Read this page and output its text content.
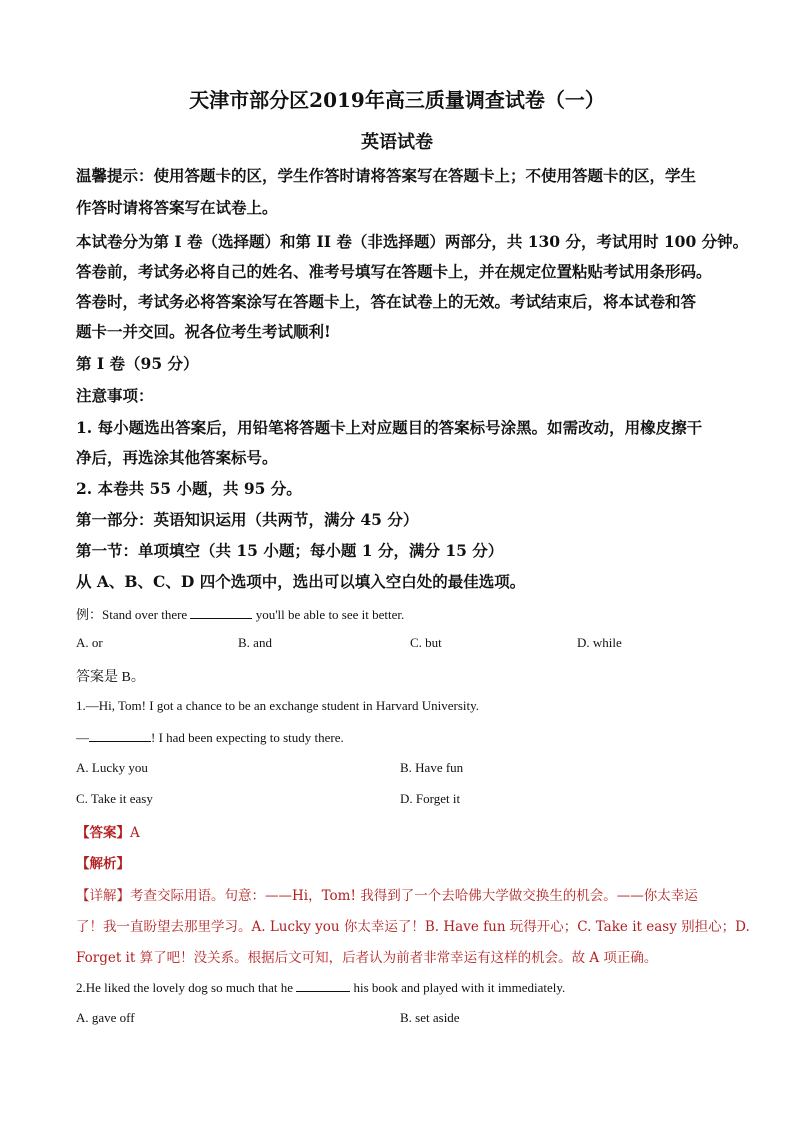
天津市部分区2019年高三质量调查试卷（一）
英语试卷
温馨提示：使用答题卡的区，学生作答时请将答案写在答题卡上；不使用答题卡的区，学生
作答时请将答案写在试卷上。
本试卷分为第 I 卷（选择题）和第 II 卷（非选择题）两部分，共 130 分，考试用时 100 分钟。
答卷前，考试务必将自己的姓名、准考号填写在答题卡上，并在规定位置粘贴考试用条形码。
答卷时，考试务必将答案涂写在答题卡上，答在试卷上的无效。考试结束后，将本试卷和答
题卡一并交回。祝各位考生考试顺利!
第 I 卷（95 分）
注意事项：
1. 每小题选出答案后，用铅笔将答题卡上对应题目的答案标号涂黑。如需改动，用橡皮擦干
净后，再选涂其他答案标号。
2. 本卷共 55 小题，共 95 分。
第一部分：英语知识运用（共两节，满分 45 分）
第一节：单项填空（共 15 小题；每小题 1 分，满分 15 分）
从 A、B、C、D 四个选项中，选出可以填入空白处的最佳选项。
例：Stand over there	you'll be able to see it better.
A. or	B. and	C. but	D. while
答案是 B。
1.—Hi, Tom! I got a chance to be an exchange student in Harvard University.
—	! I had been expecting to study there.
A. Lucky you	B. Have fun
C. Take it easy	D. Forget it
【答案】A
【解析】
【详解】考查交际用语。句意：——Hi，Tom! 我得到了一个去哈佛大学做交换生的机会。——你太幸运
了！我一直盼望去那里学习。A. Lucky you 你太幸运了！B. Have fun 玩得开心；C. Take it easy 别担心；D.
Forget it 算了吧！没关系。根据后文可知，后者认为前者非常幸运有这样的机会。故 A 项正确。
2.He liked the lovely dog so much that he	his book and played with it immediately.
A. gave off	B. set aside
